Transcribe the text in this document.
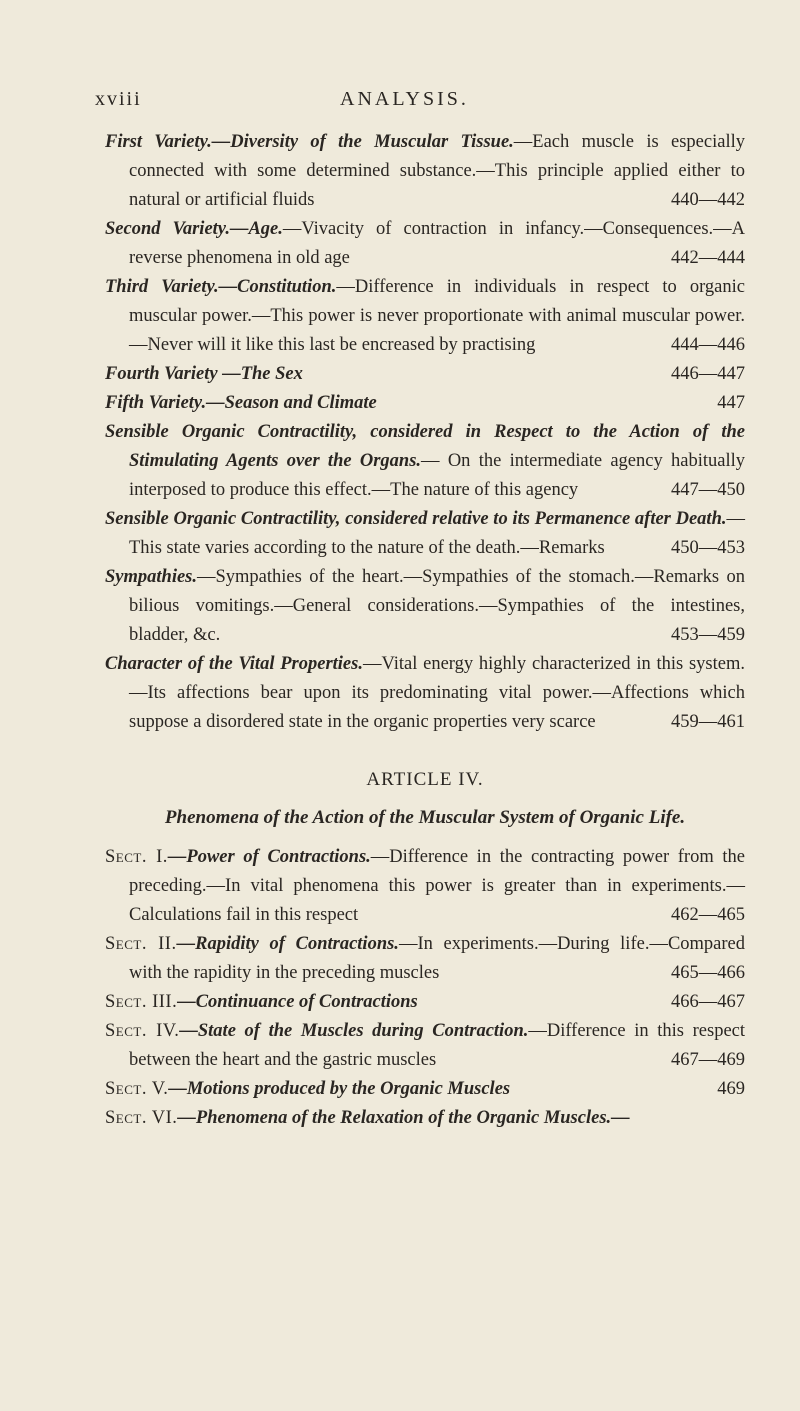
xviii	ANALYSIS.

First Variety.—Diversity of the Muscular Tissue.—Each muscle is especially connected with some determined substance.—This principle applied either to natural or artificial fluids	440—442

Second Variety.—Age.—Vivacity of contraction in infancy.—Consequences.—A reverse phenomena in old age	442—444

Third Variety.—Constitution.—Difference in individuals in respect to organic muscular power.—This power is never proportionate with animal muscular power.—Never will it like this last be encreased by practising	444—446

Fourth Variety —The Sex	446—447

Fifth Variety.—Season and Climate	447

Sensible Organic Contractility, considered in Respect to the Action of the Stimulating Agents over the Organs.— On the intermediate agency habitually interposed to produce this effect.—The nature of this agency	447—450

Sensible Organic Contractility, considered relative to its Permanence after Death.—This state varies according to the nature of the death.—Remarks	450—453

Sympathies.—Sympathies of the heart.—Sympathies of the stomach.—Remarks on bilious vomitings.—General considerations.—Sympathies of the intestines, bladder, &c.	453—459

Character of the Vital Properties.—Vital energy highly characterized in this system.—Its affections bear upon its predominating vital power.—Affections which suppose a disordered state in the organic properties very scarce	459—461

ARTICLE IV.
Phenomena of the Action of the Muscular System of Organic Life.

Sect. I.—Power of Contractions.—Difference in the contracting power from the preceding.—In vital phenomena this power is greater than in experiments.—Calculations fail in this respect	462—465

Sect. II.—Rapidity of Contractions.—In experiments.—During life.—Compared with the rapidity in the preceding muscles	465—466

Sect. III.—Continuance of Contractions	466—467

Sect. IV.—State of the Muscles during Contraction.—Difference in this respect between the heart and the gastric muscles	467—469

Sect. V.—Motions produced by the Organic Muscles	469

Sect. VI.—Phenomena of the Relaxation of the Organic Muscles.—
